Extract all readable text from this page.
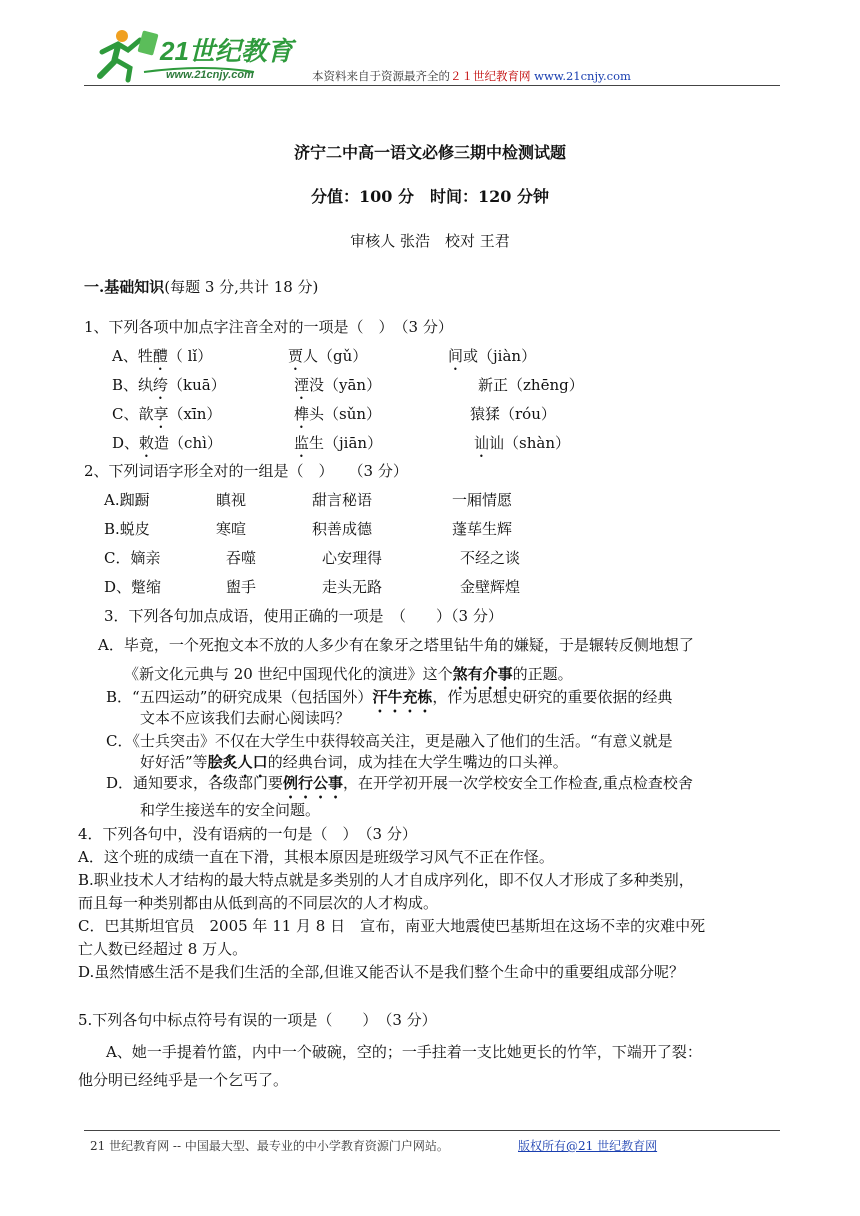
21世纪教育
www.21cnjy.com	本资料来自于资源最齐全的２１世纪教育网 www.21cnjy.com
济宁二中高一语文必修三期中检测试题
分值：100 分　时间：120 分钟
审核人 张浩　校对 王君
一.基础知识(每题 3 分,共计 18 分)
1、下列各项中加点字注音全对的一项是（　）　（3 分）
A、牲醴（ lǐ）	贾人（gǔ）	间或（jiàn）
B、纨绔（kuā）	湮没（yān）	新正（zhēng）
C、歆享（xīn）	榫头（sǔn）	猿猱（róu）
D、敕造（chì）	监生（jiān）	讪讪（shàn）
2、下列词语字形全对的一组是（　）　　（3 分）
A.踟蹰	瞋视	甜言秘语	一厢情愿
B.蜕皮	寒喧	积善成德	蓬荜生辉
C．嫡亲	吞噬	心安理得	不经之谈
D、蹩缩	盥手	走头无路	金壁辉煌
3．下列各句加点成语，使用正确的一项是　（　　）（3 分）
A．毕竟，一个死抱文本不放的人多少有在象牙之塔里钻牛角的嫌疑，于是辗转反侧地想了
《新文化元典与 20 世纪中国现代化的演进》这个煞有介事的正题。
B．“五四运动”的研究成果（包括国外）汗牛充栋，作为思想史研究的重要依据的经典
文本不应该我们去耐心阅读吗？
C．《士兵突击》不仅在大学生中获得较高关注，更是融入了他们的生活。“有意义就是
好好活”等脍炙人口的经典台词，成为挂在大学生嘴边的口头禅。
D．通知要求，各级部门要例行公事，在开学初开展一次学校安全工作检查,重点检查校舍
和学生接送车的安全问题。
4．下列各句中，没有语病的一句是（　）　（3 分）
A．这个班的成绩一直在下滑，其根本原因是班级学习风气不正在作怪。
B.职业技术人才结构的最大特点就是多类别的人才自成序列化，即不仅人才形成了多种类别，
而且每一种类别都由从低到高的不同层次的人才构成。
C．巴其斯坦官员　2005 年 11 月 8 日　宣布，南亚大地震使巴基斯坦在这场不幸的灾难中死
亡人数已经超过 8 万人。
D.虽然情感生活不是我们生活的全部,但谁又能否认不是我们整个生命中的重要组成部分呢？
5.下列各句中标点符号有误的一项是（　　）　（3 分）
A、她一手提着竹篮，内中一个破碗，空的；一手拄着一支比她更长的竹竿，下端开了裂：
他分明已经纯乎是一个乞丐了。
21 世纪教育网 -- 中国最大型、最专业的中小学教育资源门户网站。	版权所有@21 世纪教育网
